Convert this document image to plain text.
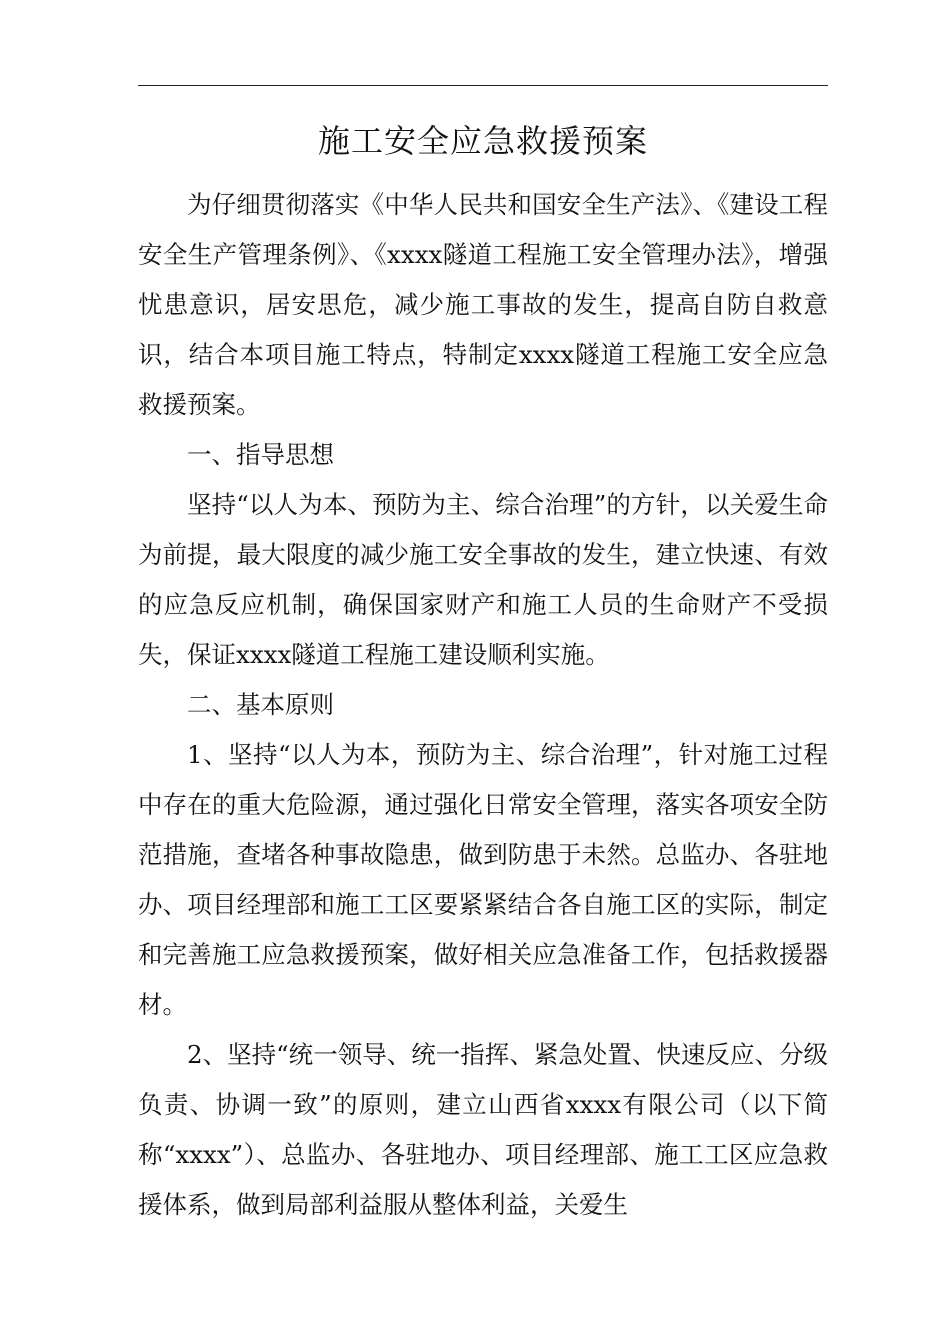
施工安全应急救援预案

为仔细贯彻落实《中华人民共和国安全生产法》、《建设工程安全生产管理条例》、《xxxx隧道工程施工安全管理办法》，增强忧患意识，居安思危，减少施工事故的发生，提高自防自救意识，结合本项目施工特点，特制定xxxx隧道工程施工安全应急救援预案。

一、指导思想

坚持“以人为本、预防为主、综合治理”的方针，以关爱生命为前提，最大限度的减少施工安全事故的发生，建立快速、有效的应急反应机制，确保国家财产和施工人员的生命财产不受损失，保证xxxx隧道工程施工建设顺利实施。

二、基本原则

1、坚持“以人为本，预防为主、综合治理”，针对施工过程中存在的重大危险源，通过强化日常安全管理，落实各项安全防范措施，查堵各种事故隐患，做到防患于未然。总监办、各驻地办、项目经理部和施工工区要紧紧结合各自施工区的实际，制定和完善施工应急救援预案，做好相关应急准备工作，包括救援器材。

2、坚持“统一领导、统一指挥、紧急处置、快速反应、分级负责、协调一致”的原则，建立山西省xxxx有限公司（以下简称“xxxx”）、总监办、各驻地办、项目经理部、施工工区应急救援体系，做到局部利益服从整体利益，关爱生
